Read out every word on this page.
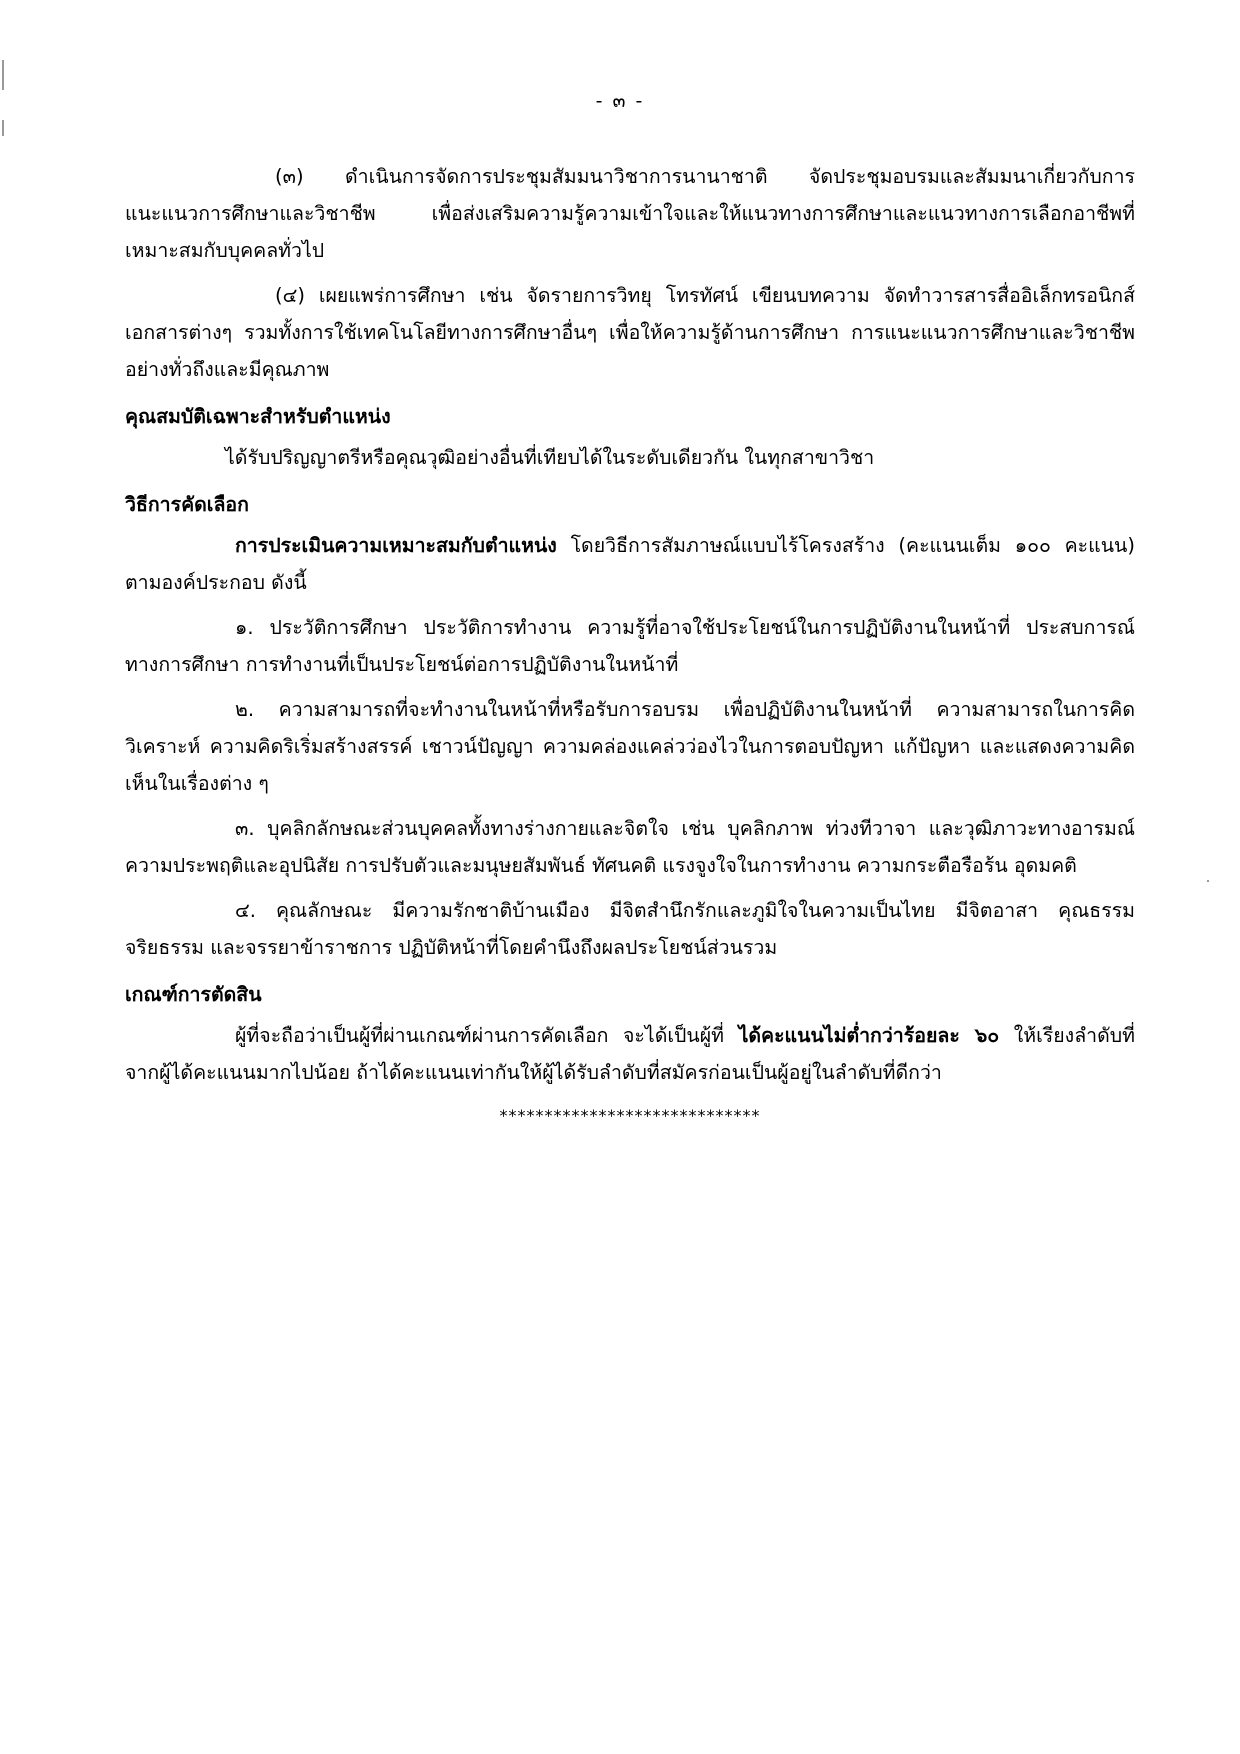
- ๓ -

(๓) ดำเนินการจัดการประชุมสัมมนาวิชาการนานาชาติ จัดประชุมอบรมและสัมมนาเกี่ยวกับการแนะแนวการศึกษาและวิชาชีพ เพื่อส่งเสริมความรู้ความเข้าใจและให้แนวทางการศึกษาและแนวทางการเลือกอาชีพที่เหมาะสมกับบุคคลทั่วไป

(๔) เผยแพร่การศึกษา เช่น จัดรายการวิทยุ โทรทัศน์ เขียนบทความ จัดทำวารสารสื่ออิเล็กทรอนิกส์ เอกสารต่างๆ รวมทั้งการใช้เทคโนโลยีทางการศึกษาอื่นๆ เพื่อให้ความรู้ด้านการศึกษา การแนะแนวการศึกษาและวิชาชีพอย่างทั่วถึงและมีคุณภาพ

คุณสมบัติเฉพาะสำหรับตำแหน่ง

ได้รับปริญญาตรีหรือคุณวุฒิอย่างอื่นที่เทียบได้ในระดับเดียวกัน ในทุกสาขาวิชา

วิธีการคัดเลือก

การประเมินความเหมาะสมกับตำแหน่ง โดยวิธีการสัมภาษณ์แบบไร้โครงสร้าง (คะแนนเต็ม ๑๐๐ คะแนน) ตามองค์ประกอบ ดังนี้

๑. ประวัติการศึกษา ประวัติการทำงาน ความรู้ที่อาจใช้ประโยชน์ในการปฏิบัติงานในหน้าที่ ประสบการณ์ทางการศึกษา การทำงานที่เป็นประโยชน์ต่อการปฏิบัติงานในหน้าที่

๒. ความสามารถที่จะทำงานในหน้าที่หรือรับการอบรม เพื่อปฏิบัติงานในหน้าที่ ความสามารถในการคิดวิเคราะห์ ความคิดริเริ่มสร้างสรรค์ เชาวน์ปัญญา ความคล่องแคล่วว่องไวในการตอบปัญหา แก้ปัญหา และแสดงความคิดเห็นในเรื่องต่าง ๆ

๓. บุคลิกลักษณะส่วนบุคคลทั้งทางร่างกายและจิตใจ เช่น บุคลิกภาพ ท่วงทีวาจา และวุฒิภาวะทางอารมณ์ ความประพฤติและอุปนิสัย การปรับตัวและมนุษยสัมพันธ์ ทัศนคติ แรงจูงใจในการทำงาน ความกระตือรือร้น อุดมคติ

๔. คุณลักษณะ มีความรักชาติบ้านเมือง มีจิตสำนึกรักและภูมิใจในความเป็นไทย มีจิตอาสา คุณธรรม จริยธรรม และจรรยาข้าราชการ ปฏิบัติหน้าที่โดยคำนึงถึงผลประโยชน์ส่วนรวม

เกณฑ์การตัดสิน

ผู้ที่จะถือว่าเป็นผู้ที่ผ่านเกณฑ์ผ่านการคัดเลือก จะได้เป็นผู้ที่ ได้คะแนนไม่ต่ำกว่าร้อยละ ๖๐ ให้เรียงลำดับที่จากผู้ได้คะแนนมากไปน้อย ถ้าได้คะแนนเท่ากันให้ผู้ได้รับลำดับที่สมัครก่อนเป็นผู้อยู่ในลำดับที่ดีกว่า

*****************************
